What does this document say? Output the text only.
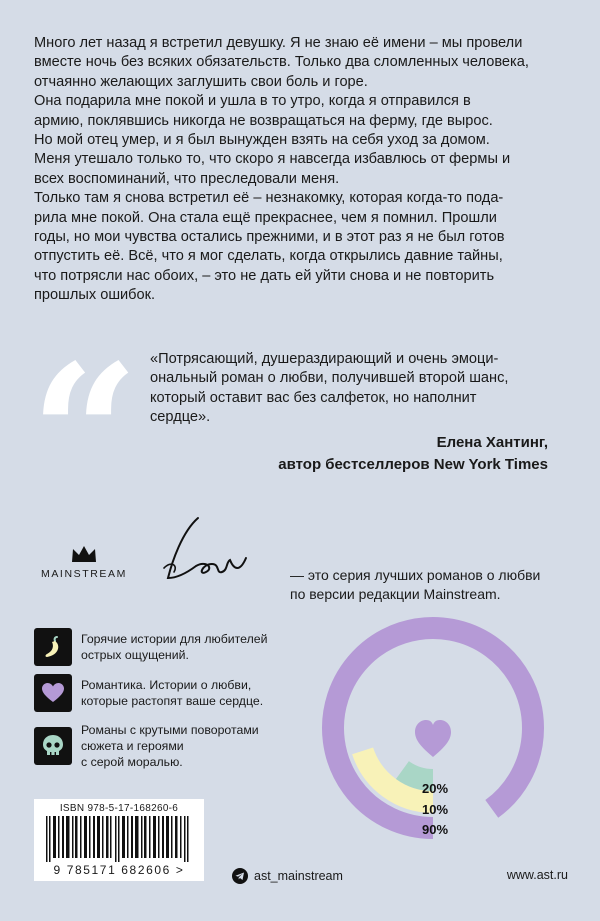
Много лет назад я встретил девушку. Я не знаю её имени – мы провели

вместе ночь без всяких обязательств. Только два сломленных человека,

отчаянно желающих заглушить свои боль и горе.

Она подарила мне покой и ушла в то утро, когда я отправился в

армию, поклявшись никогда не возвращаться на ферму, где вырос.

Но мой отец умер, и я был вынужден взять на себя уход за домом.

Меня утешало только то, что скоро я навсегда избавлюсь от фермы и

всех воспоминаний, что преследовали меня.

Только там я снова встретил её – незнакомку, которая когда-то пода-

рила мне покой. Она стала ещё прекраснее, чем я помнил. Прошли

годы, но мои чувства остались прежними, и в этот раз я не был готов

отпустить её. Всё, что я мог сделать, когда открылись давние тайны,

что потрясли нас обоих, – это не дать ей уйти снова и не повторить

прошлых ошибок.

“ «Потрясающий, душераздирающий и очень эмоци-
ональный роман о любви, получившей второй шанс,
который оставит вас без салфеток, но наполнит
сердце».
Елена Хантинг,
автор бестселлеров New York Times
MAINSTREAM	— это серия лучших романов о любви
по версии редакции Mainstream.
Горячие истории для любителей
острых ощущений.
Романтика. Истории о любви,
которые растопят ваше сердце.
Романы с крутыми поворотами
сюжета и героями
с серой моралью.
20%
10%
90%
ISBN 978-5-17-168260-6
9 785171 682606 >	ast_mainstream	www.ast.ru
